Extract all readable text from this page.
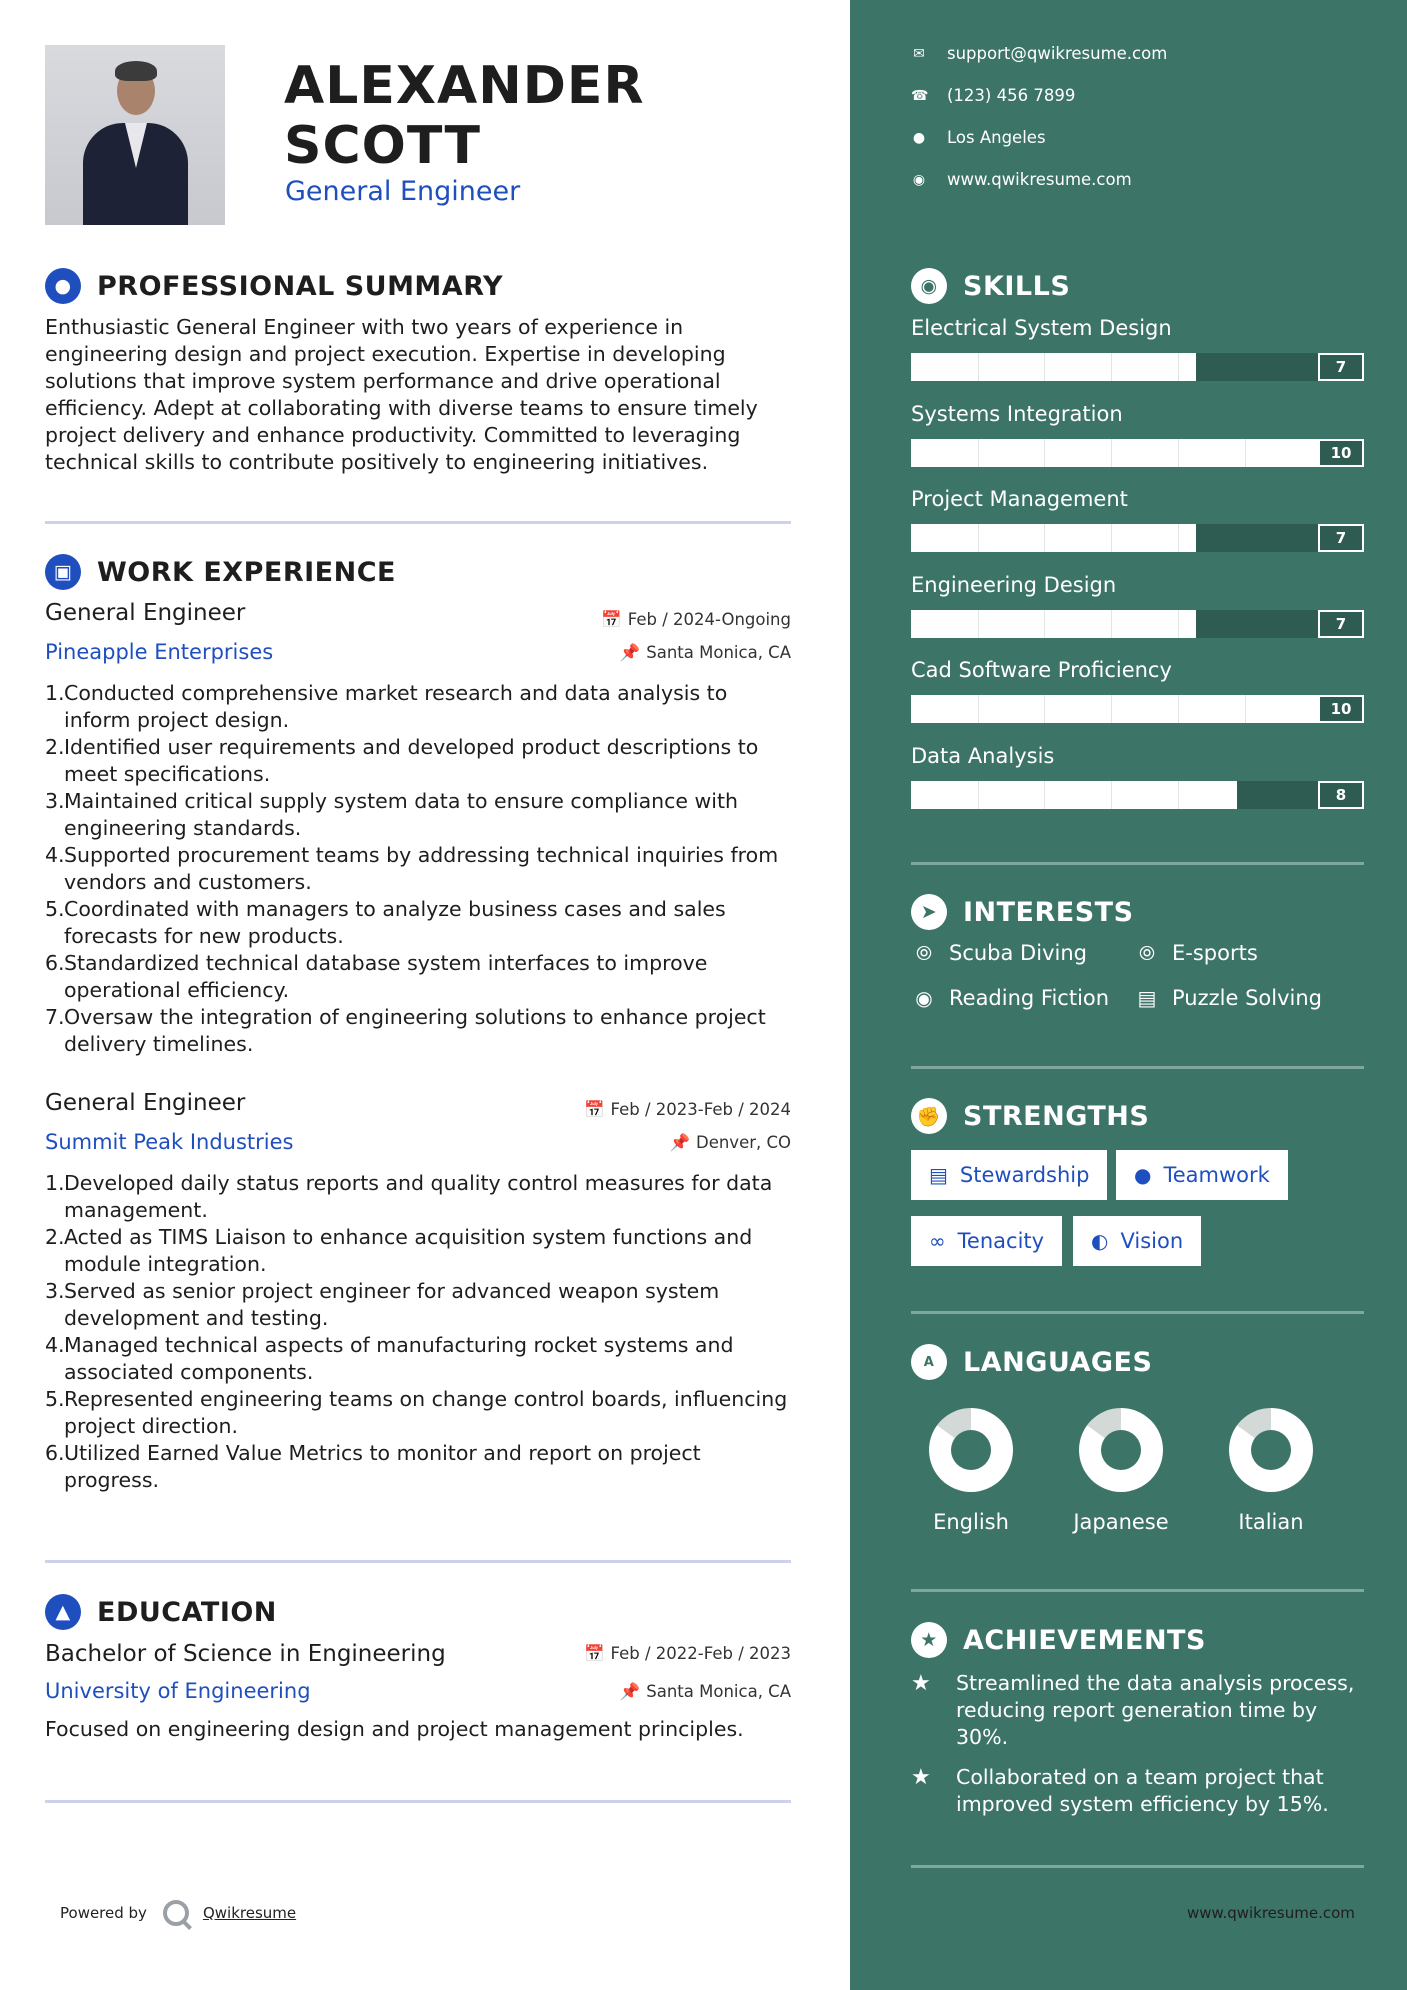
ALEXANDER
SCOTT
General Engineer
● PROFESSIONAL SUMMARY
Enthusiastic General Engineer with two years of experience in engineering design and project execution. Expertise in developing solutions that improve system performance and drive operational efficiency. Adept at collaborating with diverse teams to ensure timely project delivery and enhance productivity. Committed to leveraging technical skills to contribute positively to engineering initiatives.
▣ WORK EXPERIENCE
General Engineer	📅 Feb / 2024-Ongoing
Pineapple Enterprises	📌 Santa Monica, CA
1. Conducted comprehensive market research and data analysis to inform project design.
2. Identified user requirements and developed product descriptions to meet specifications.
3. Maintained critical supply system data to ensure compliance with engineering standards.
4. Supported procurement teams by addressing technical inquiries from vendors and customers.
5. Coordinated with managers to analyze business cases and sales forecasts for new products.
6. Standardized technical database system interfaces to improve operational efficiency.
7. Oversaw the integration of engineering solutions to enhance project delivery timelines.
General Engineer	📅 Feb / 2023-Feb / 2024
Summit Peak Industries	📌 Denver, CO
1. Developed daily status reports and quality control measures for data management.
2. Acted as TIMS Liaison to enhance acquisition system functions and module integration.
3. Served as senior project engineer for advanced weapon system development and testing.
4. Managed technical aspects of manufacturing rocket systems and associated components.
5. Represented engineering teams on change control boards, influencing project direction.
6. Utilized Earned Value Metrics to monitor and report on project progress.
▲ EDUCATION
Bachelor of Science in Engineering	📅 Feb / 2022-Feb / 2023
University of Engineering	📌 Santa Monica, CA
Focused on engineering design and project management principles.
Powered by	Qwikresume
✉ support@qwikresume.com
☎ (123) 456 7899
● Los Angeles
◉ www.qwikresume.com
◉ SKILLS
Electrical System Design
7
Systems Integration
10
Project Management
7
Engineering Design
7
Cad Software Proficiency
10
Data Analysis
8
➤ INTERESTS
⦾ Scuba Diving	⦾ E-sports
◉ Reading Fiction ▤ Puzzle Solving
✊ STRENGTHS
▤ Stewardship ● Teamwork
∞ Tenacity ◐ Vision
A	LANGUAGES
English	Japanese	Italian
★ ACHIEVEMENTS
★	Streamlined the data analysis process, reducing report generation time by 30%.
★	Collaborated on a team project that improved system efficiency by 15%.
www.qwikresume.com
